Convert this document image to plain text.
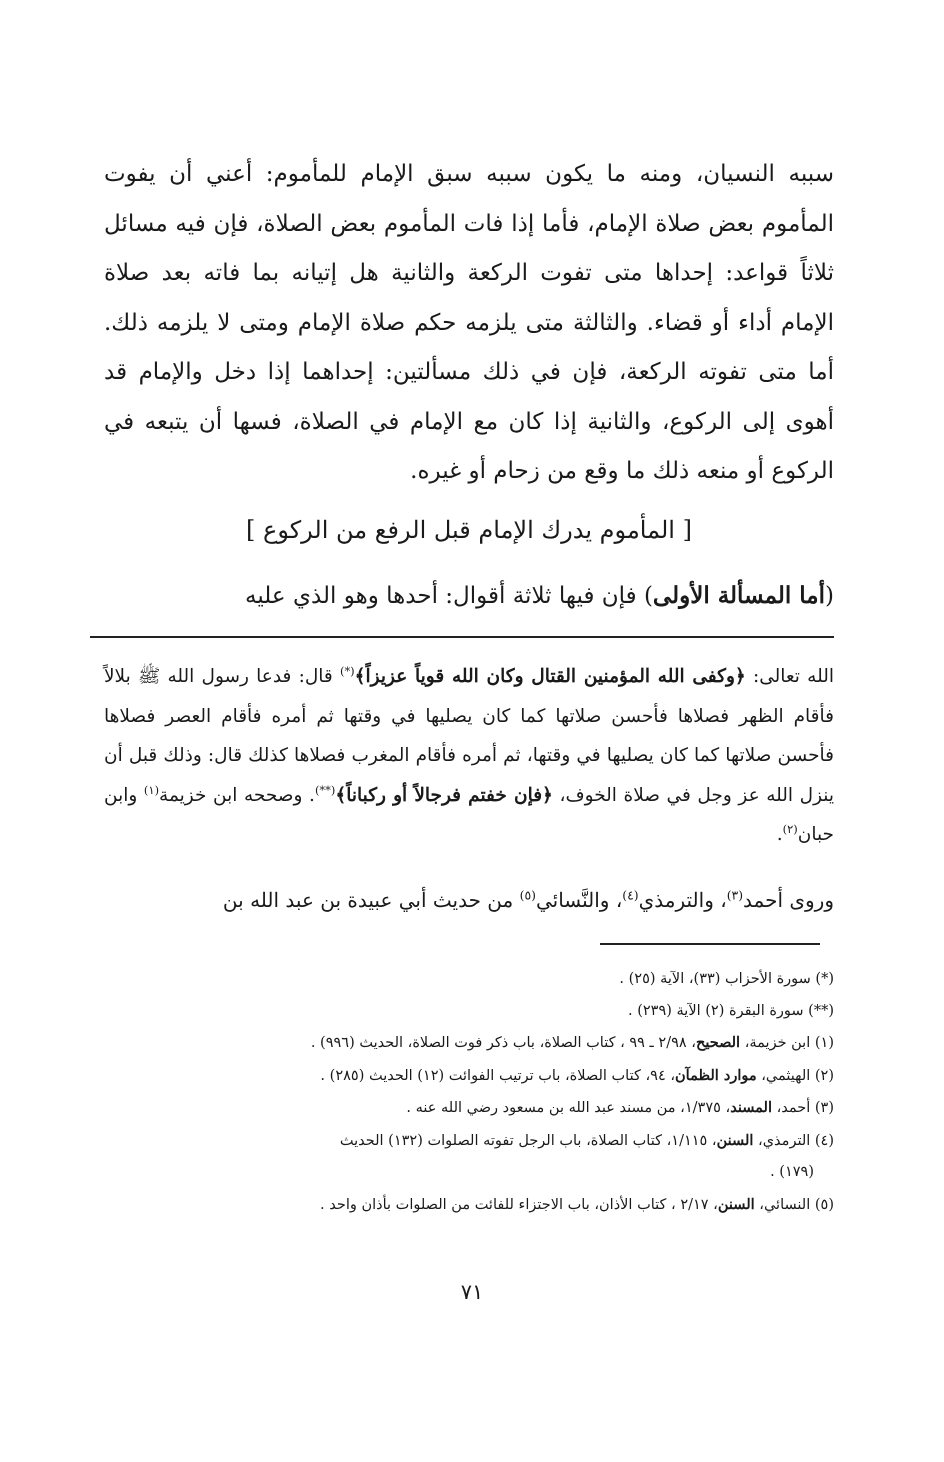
سببه النسيان، ومنه ما يكون سببه سبق الإمام للمأموم: أعني أن يفوت المأموم بعض صلاة الإمام، فأما إذا فات المأموم بعض الصلاة، فإن فيه مسائل ثلاثاً قواعد: إحداها متى تفوت الركعة والثانية هل إتيانه بما فاته بعد صلاة الإمام أداء أو قضاء. والثالثة متى يلزمه حكم صلاة الإمام ومتى لا يلزمه ذلك. أما متى تفوته الركعة، فإن في ذلك مسألتين: إحداهما إذا دخل والإمام قد أهوى إلى الركوع، والثانية إذا كان مع الإمام في الصلاة، فسها أن يتبعه في الركوع أو منعه ذلك ما وقع من زحام أو غيره.

[ المأموم يدرك الإمام قبل الرفع من الركوع ]
(أما المسألة الأولى) فإن فيها ثلاثة أقوال: أحدها وهو الذي عليه

الله تعالى: ﴿وكفى الله المؤمنين القتال وكان الله قوياً عزيزاً﴾(*) قال: فدعا رسول الله ﷺ بلالاً فأقام الظهر فصلاها فأحسن صلاتها كما كان يصليها في وقتها ثم أمره فأقام العصر فصلاها فأحسن صلاتها كما كان يصليها في وقتها، ثم أمره فأقام المغرب فصلاها كذلك قال: وذلك قبل أن ينزل الله عز وجل في صلاة الخوف، ﴿فإن خفتم فرجالاً أو ركباناً﴾(**). وصححه ابن خزيمة$^{(١)}$ وابن حبان$^{(٢)}$.

وروى أحمد$^{(٣)}$، والترمذي$^{(٤)}$، والنَّسائي$^{(٥)}$ من حديث أبي عبيدة بن عبد الله بن

(*) سورة الأحزاب (٣٣)، الآية (٢٥) .

(**) سورة البقرة (٢) الآية (٢٣٩) .

(١) ابن خزيمة، الصحيح، ٢/٩٨ ـ ٩٩ ، كتاب الصلاة، باب ذكر فوت الصلاة، الحديث (٩٩٦) .

(٢) الهيثمي، موارد الظمآن، ٩٤، كتاب الصلاة، باب ترتيب الفوائت (١٢) الحديث (٢٨٥) .

(٣) أحمد، المسند، ١/٣٧٥، من مسند عبد الله بن مسعود رضي الله عنه .

(٤) الترمذي، السنن، ١/١١٥، كتاب الصلاة، باب الرجل تفوته الصلوات (١٣٢) الحديث

(١٧٩) .

(٥) النسائي، السنن، ٢/١٧ ، كتاب الأذان، باب الاجتزاء للفائت من الصلوات بأذان واحد .

٧١
